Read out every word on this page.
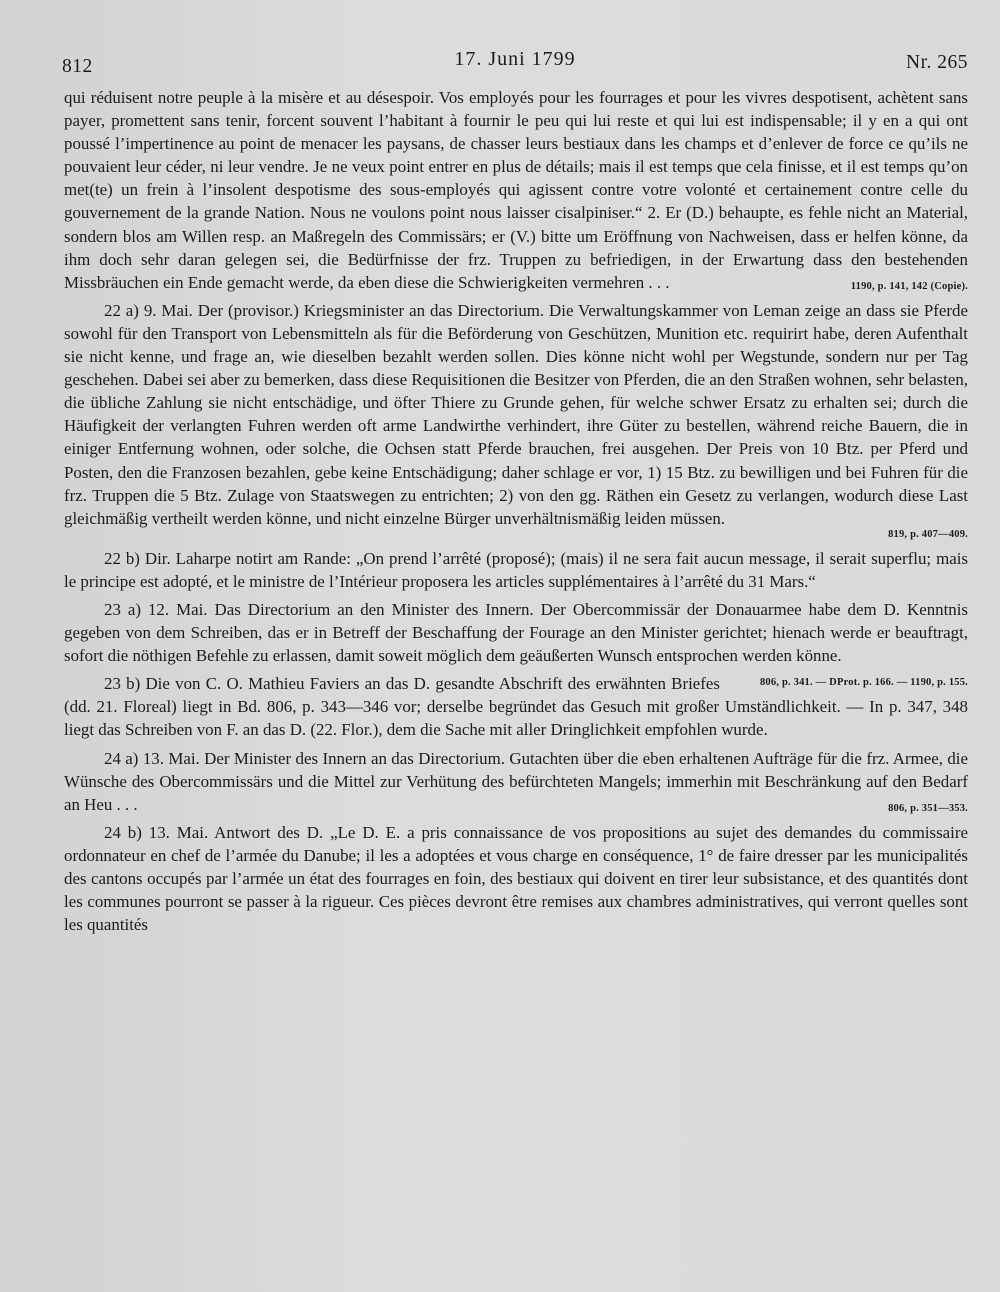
812	17. Juni 1799	Nr. 265

qui réduisent notre peuple à la misère et au désespoir. Vos employés pour les fourrages et pour les vivres despotisent, achètent sans payer, promettent sans tenir, forcent souvent l’habitant à fournir le peu qui lui reste et qui lui est indispensable; il y en a qui ont poussé l’impertinence au point de menacer les paysans, de chasser leurs bestiaux dans les champs et d’enlever de force ce qu’ils ne pouvaient leur céder, ni leur vendre. Je ne veux point entrer en plus de détails; mais il est temps que cela finisse, et il est temps qu’on met(te) un frein à l’insolent despotisme des sous-employés qui agissent contre votre volonté et certainement contre celle du gouvernement de la grande Nation. Nous ne voulons point nous laisser cisalpiniser.“ 2. Er (D.) behaupte, es fehle nicht an Material, sondern blos am Willen resp. an Maßregeln des Commissärs; er (V.) bitte um Eröffnung von Nachweisen, dass er helfen könne, da ihm doch sehr daran gelegen sei, die Bedürfnisse der frz. Truppen zu befriedigen, in der Erwartung dass den bestehenden Missbräuchen ein Ende gemacht werde, da eben diese die Schwierigkeiten vermehren . . .	1190, p. 141, 142 (Copie).

22 a) 9. Mai. Der (provisor.) Kriegsminister an das Directorium. Die Verwaltungskammer von Leman zeige an dass sie Pferde sowohl für den Transport von Lebensmitteln als für die Beförderung von Geschützen, Munition etc. requirirt habe, deren Aufenthalt sie nicht kenne, und frage an, wie dieselben bezahlt werden sollen. Dies könne nicht wohl per Wegstunde, sondern nur per Tag geschehen. Dabei sei aber zu bemerken, dass diese Requisitionen die Besitzer von Pferden, die an den Straßen wohnen, sehr belasten, die übliche Zahlung sie nicht entschädige, und öfter Thiere zu Grunde gehen, für welche schwer Ersatz zu erhalten sei; durch die Häufigkeit der verlangten Fuhren werden oft arme Landwirthe verhindert, ihre Güter zu bestellen, während reiche Bauern, die in einiger Entfernung wohnen, oder solche, die Ochsen statt Pferde brauchen, frei ausgehen. Der Preis von 10 Btz. per Pferd und Posten, den die Franzosen bezahlen, gebe keine Entschädigung; daher schlage er vor, 1) 15 Btz. zu bewilligen und bei Fuhren für die frz. Truppen die 5 Btz. Zulage von Staatswegen zu entrichten; 2) von den gg. Räthen ein Gesetz zu verlangen, wodurch diese Last gleichmäßig vertheilt werden könne, und nicht einzelne Bürger unverhältnismäßig leiden müssen.
819, p. 407—409.

22 b) Dir. Laharpe notirt am Rande: „On prend l’arrêté (proposé); (mais) il ne sera fait aucun message, il serait superflu; mais le principe est adopté, et le ministre de l’Intérieur proposera les articles supplémentaires à l’arrêté du 31 Mars.“

23 a) 12. Mai. Das Directorium an den Minister des Innern. Der Obercommissär der Donauarmee habe dem D. Kenntnis gegeben von dem Schreiben, das er in Betreff der Beschaffung der Fourage an den Minister gerichtet; hienach werde er beauftragt, sofort die nöthigen Befehle zu erlassen, damit soweit möglich dem geäußerten Wunsch entsprochen werden könne.
806, p. 341. — DProt. p. 166. — 1190, p. 155.

23 b) Die von C. O. Mathieu Faviers an das D. gesandte Abschrift des erwähnten Briefes (dd. 21. Floreal) liegt in Bd. 806, p. 343—346 vor; derselbe begründet das Gesuch mit großer Umständlichkeit. — In p. 347, 348 liegt das Schreiben von F. an das D. (22. Flor.), dem die Sache mit aller Dringlichkeit empfohlen wurde.

24 a) 13. Mai. Der Minister des Innern an das Directorium. Gutachten über die eben erhaltenen Aufträge für die frz. Armee, die Wünsche des Obercommissärs und die Mittel zur Verhütung des befürchteten Mangels; immerhin mit Beschränkung auf den Bedarf an Heu . . .	806, p. 351—353.

24 b) 13. Mai. Antwort des D. „Le D. E. a pris connaissance de vos propositions au sujet des demandes du commissaire ordonnateur en chef de l’armée du Danube; il les a adoptées et vous charge en conséquence, 1° de faire dresser par les municipalités des cantons occupés par l’armée un état des fourrages en foin, des bestiaux qui doivent en tirer leur subsistance, et des quantités dont les communes pourront se passer à la rigueur. Ces pièces devront être remises aux chambres administratives, qui verront quelles sont les quantités
